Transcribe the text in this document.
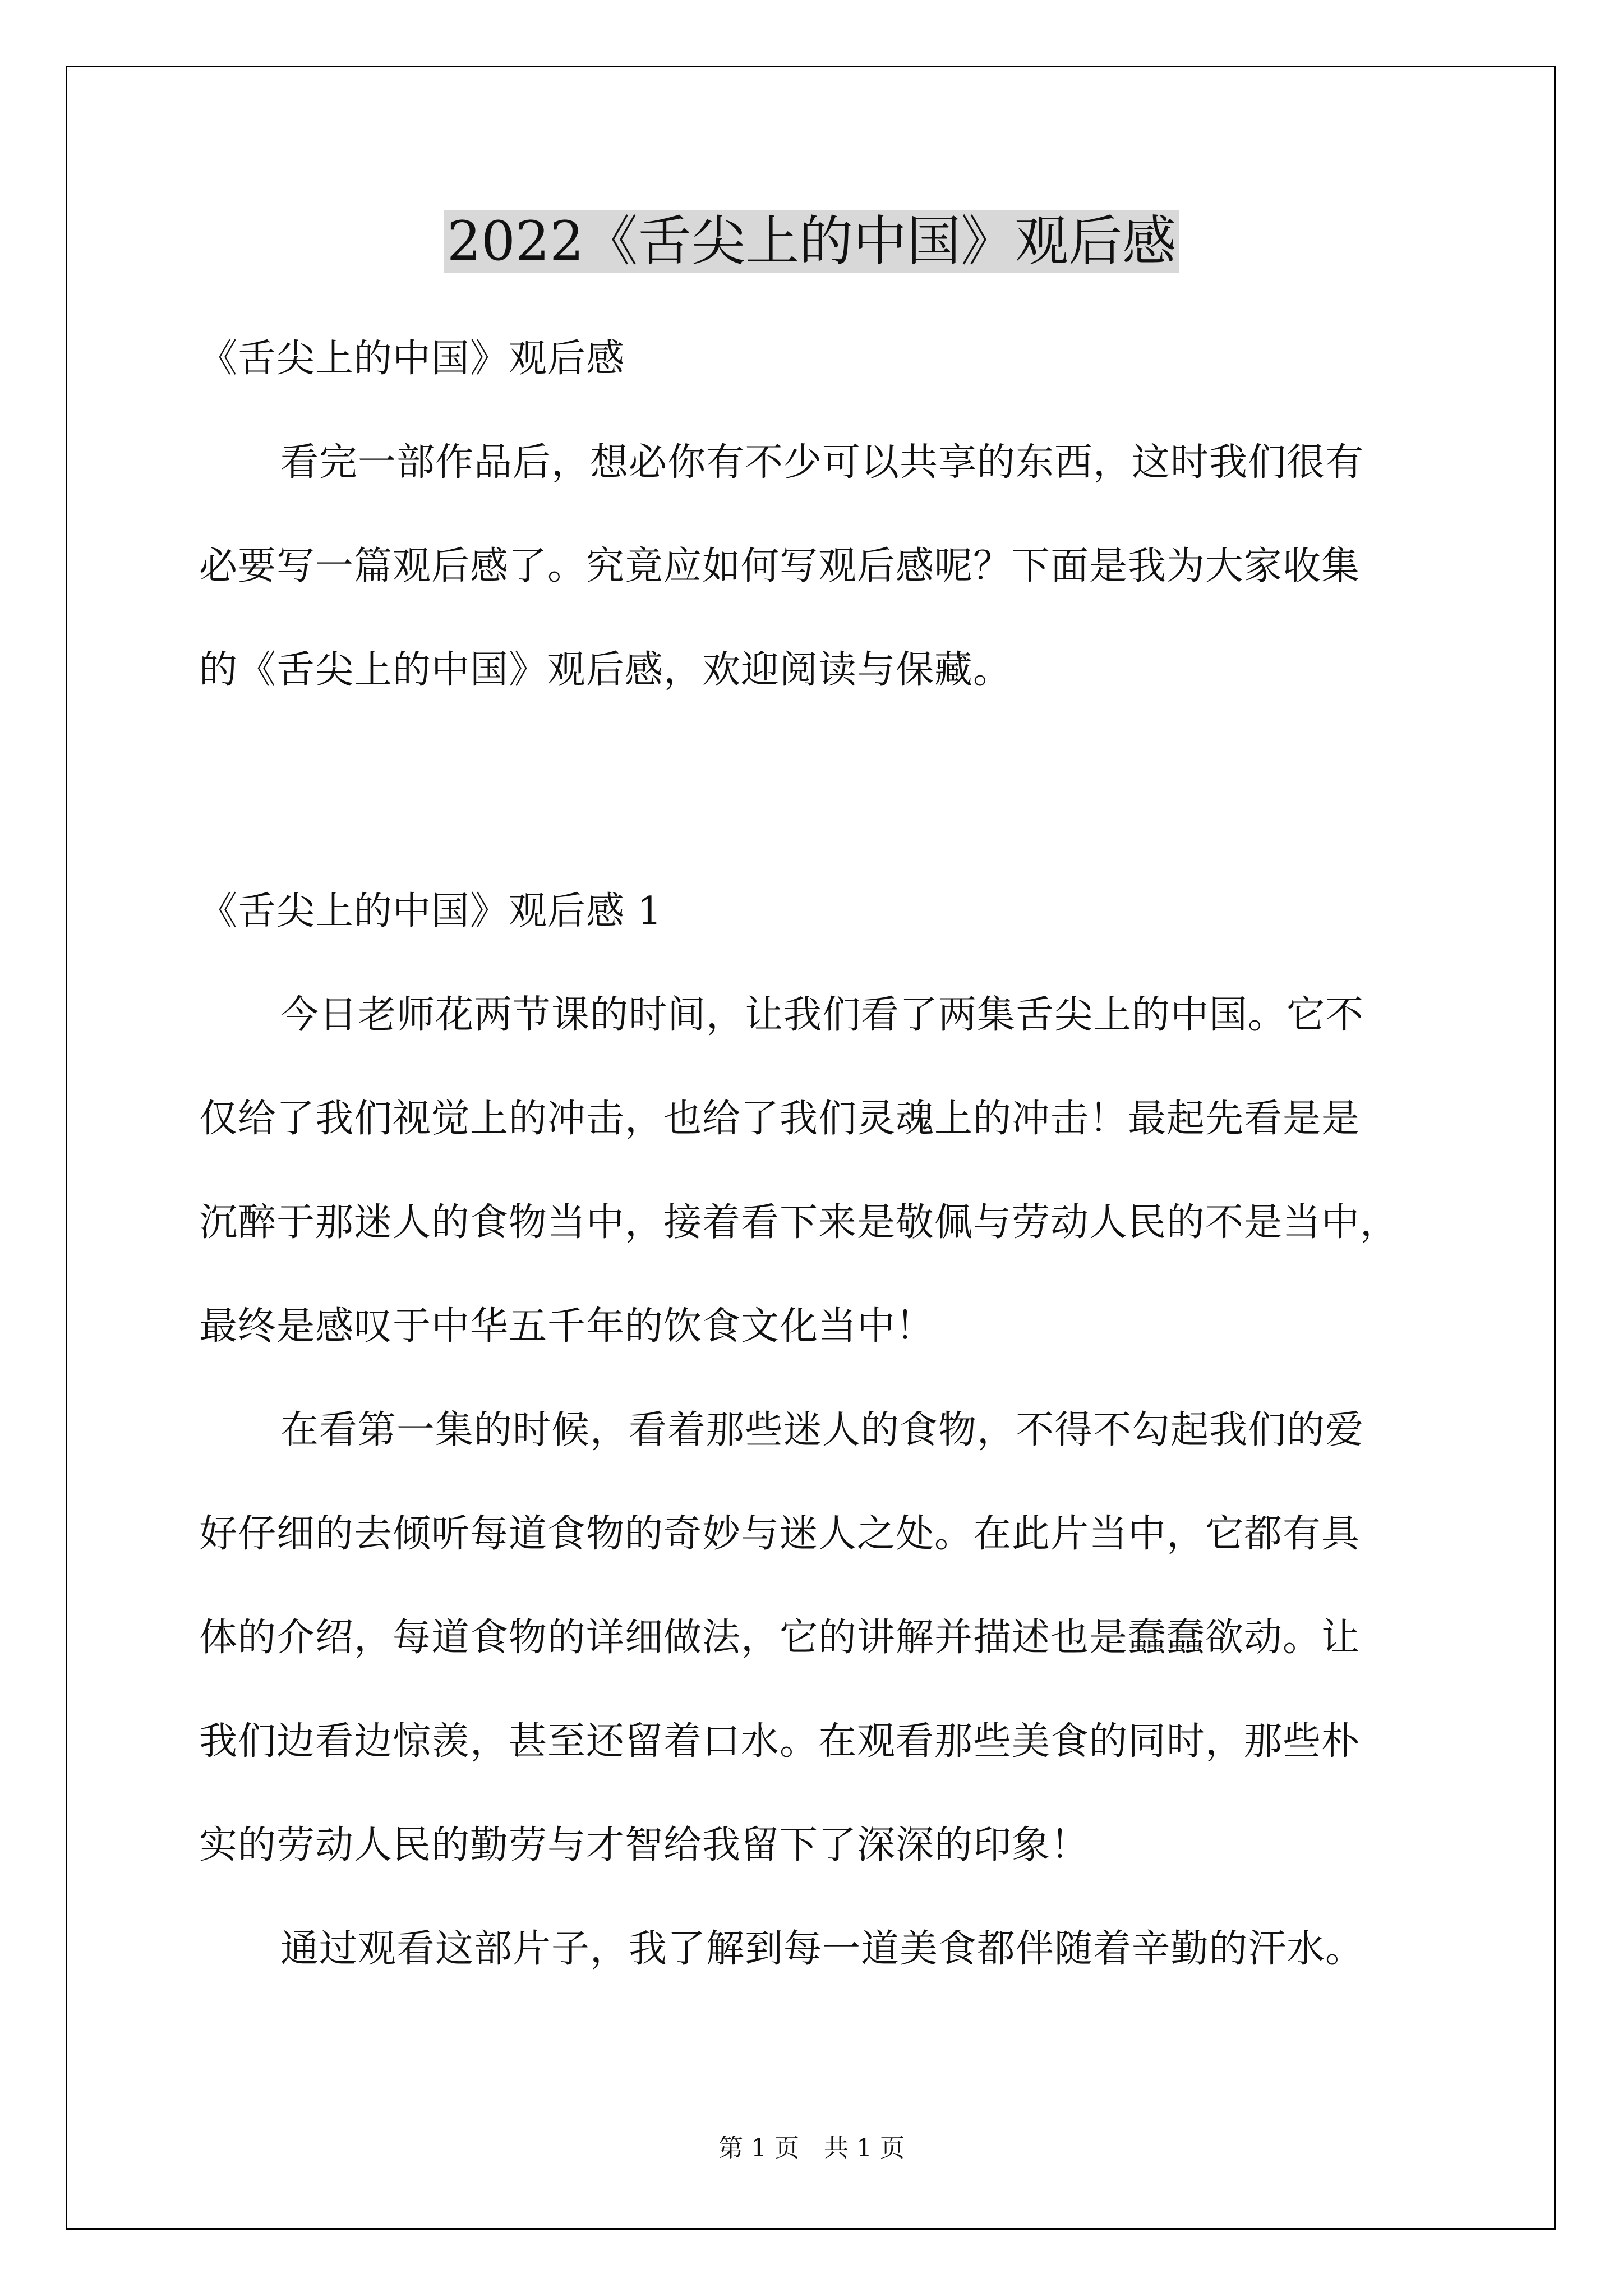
2022《舌尖上的中国》观后感

《舌尖上的中国》观后感

看完一部作品后，想必你有不少可以共享的东西，这时我们很有

必要写一篇观后感了。究竟应如何写观后感呢？下面是我为大家收集

的《舌尖上的中国》观后感，欢迎阅读与保藏。

《舌尖上的中国》观后感 1

今日老师花两节课的时间，让我们看了两集舌尖上的中国。它不

仅给了我们视觉上的冲击，也给了我们灵魂上的冲击！最起先看是是

沉醉于那迷人的食物当中，接着看下来是敬佩与劳动人民的不是当中，

最终是感叹于中华五千年的饮食文化当中！

在看第一集的时候，看着那些迷人的食物，不得不勾起我们的爱

好仔细的去倾听每道食物的奇妙与迷人之处。在此片当中，它都有具

体的介绍，每道食物的详细做法，它的讲解并描述也是蠢蠢欲动。让

我们边看边惊羡，甚至还留着口水。在观看那些美食的同时，那些朴

实的劳动人民的勤劳与才智给我留下了深深的印象！

通过观看这部片子，我了解到每一道美食都伴随着辛勤的汗水。

第 1 页　共 1 页
